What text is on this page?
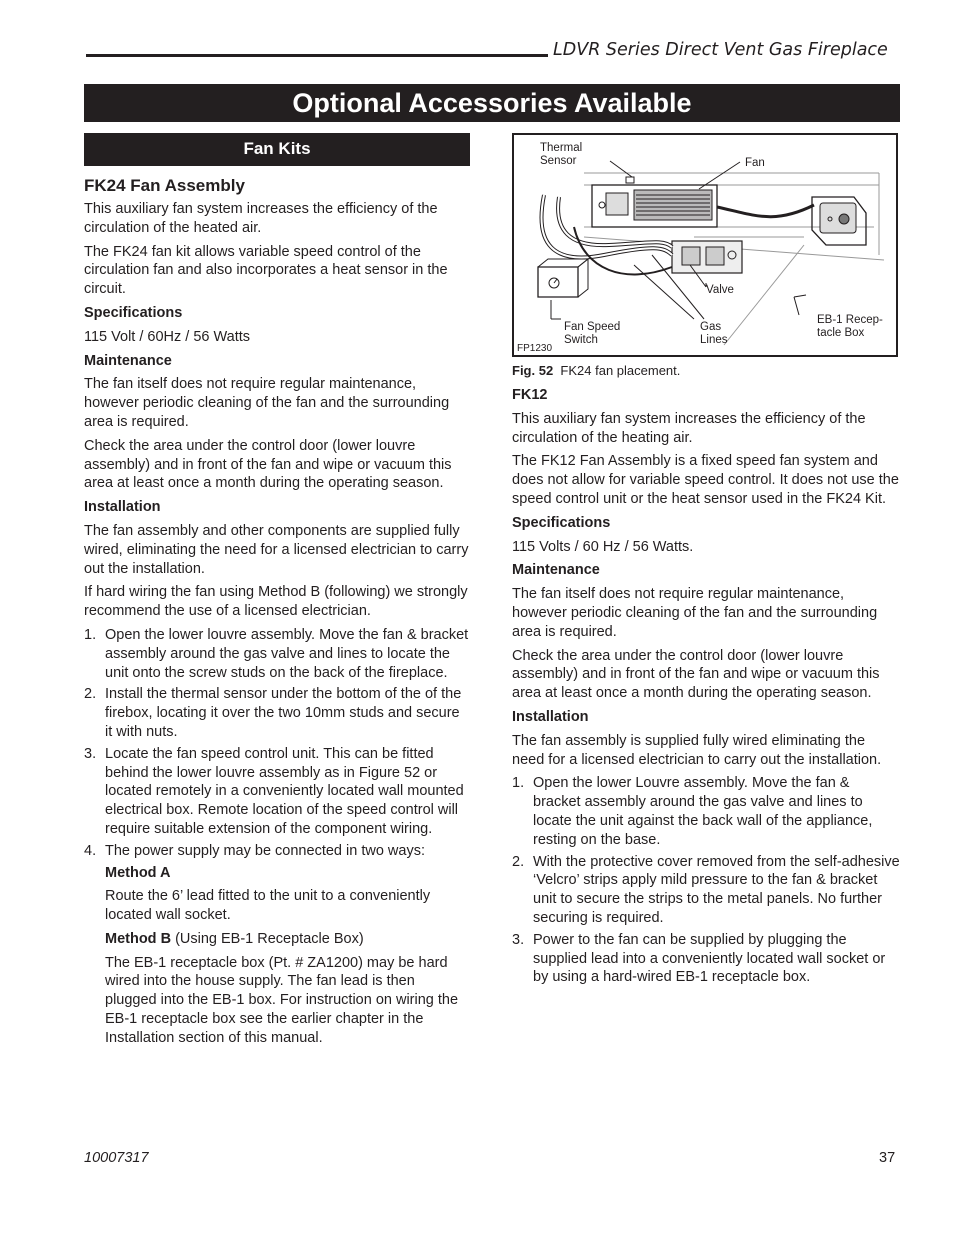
LDVR Series Direct Vent Gas Fireplace
Optional Accessories Available
Fan Kits
FK24 Fan Assembly

This auxiliary fan system increases the efficiency of the circulation of the heated air.

The FK24 fan kit allows variable speed control of the circulation fan and also incorporates a heat sensor in the circuit.

Specifications

115 Volt / 60Hz / 56 Watts

Maintenance

The fan itself does not require regular maintenance, however periodic cleaning of the fan and the surrounding area is required.

Check the area under the control door (lower louvre assembly) and in front of the fan and wipe or vacuum this area at least once a month during the operating season.

Installation

The fan assembly and other components are supplied fully wired, eliminating the need for a licensed electrician to carry out the installation.

If hard wiring the fan using Method B (following) we strongly recommend the use of a licensed electrician.

1. Open the lower louvre assembly. Move the fan & bracket assembly around the gas valve and lines to locate the unit onto the screw studs on the back of the fireplace.
2. Install the thermal sensor under the bottom of the of the firebox, locating it over the two 10mm studs and secure it with nuts.
3. Locate the fan speed control unit. This can be fitted behind the lower louvre assembly as in Figure 52 or located remotely in a conveniently located wall mounted electrical box. Remote location of the speed control will require suitable extension of the component wiring.
4. The power supply may be connected in two ways:

Method A

Route the 6’ lead fitted to the unit to a conveniently located wall socket.

Method B (Using EB-1 Receptacle Box)

The EB-1 receptacle box (Pt. # ZA1200) may be hard wired into the house supply. The fan lead is then plugged into the EB-1 box. For instruction on wiring the EB-1 receptacle box see the earlier chapter in the Installation section of this manual.

Thermal
Sensor	Fan
Valve
Fan Speed
Switch
Gas
Lines
EB-1 Recep-
tacle Box
FP1230

Fig. 52 FK24 fan placement.

FK12

This auxiliary fan system increases the efficiency of the circulation of the heating air.

The FK12 Fan Assembly is a fixed speed fan system and does not allow for variable speed control. It does not use the speed control unit or the heat sensor used in the FK24 Kit.

Specifications

115 Volts / 60 Hz / 56 Watts.

Maintenance

The fan itself does not require regular maintenance, however periodic cleaning of the fan and the surrounding area is required.

Check the area under the control door (lower louvre assembly) and in front of the fan and wipe or vacuum this area at least once a month during the operating season.

Installation

The fan assembly is supplied fully wired eliminating the need for a licensed electrician to carry out the installation.

1. Open the lower Louvre assembly. Move the fan & bracket assembly around the gas valve and lines to locate the unit against the back wall of the appliance, resting on the base.
2. With the protective cover removed from the self-adhesive ‘Velcro’ strips apply mild pressure to the fan & bracket unit to secure the strips to the metal panels. No further securing is required.
3. Power to the fan can be supplied by plugging the supplied lead into a conveniently located wall socket or by using a hard-wired EB-1 receptacle box.
10007317	37
